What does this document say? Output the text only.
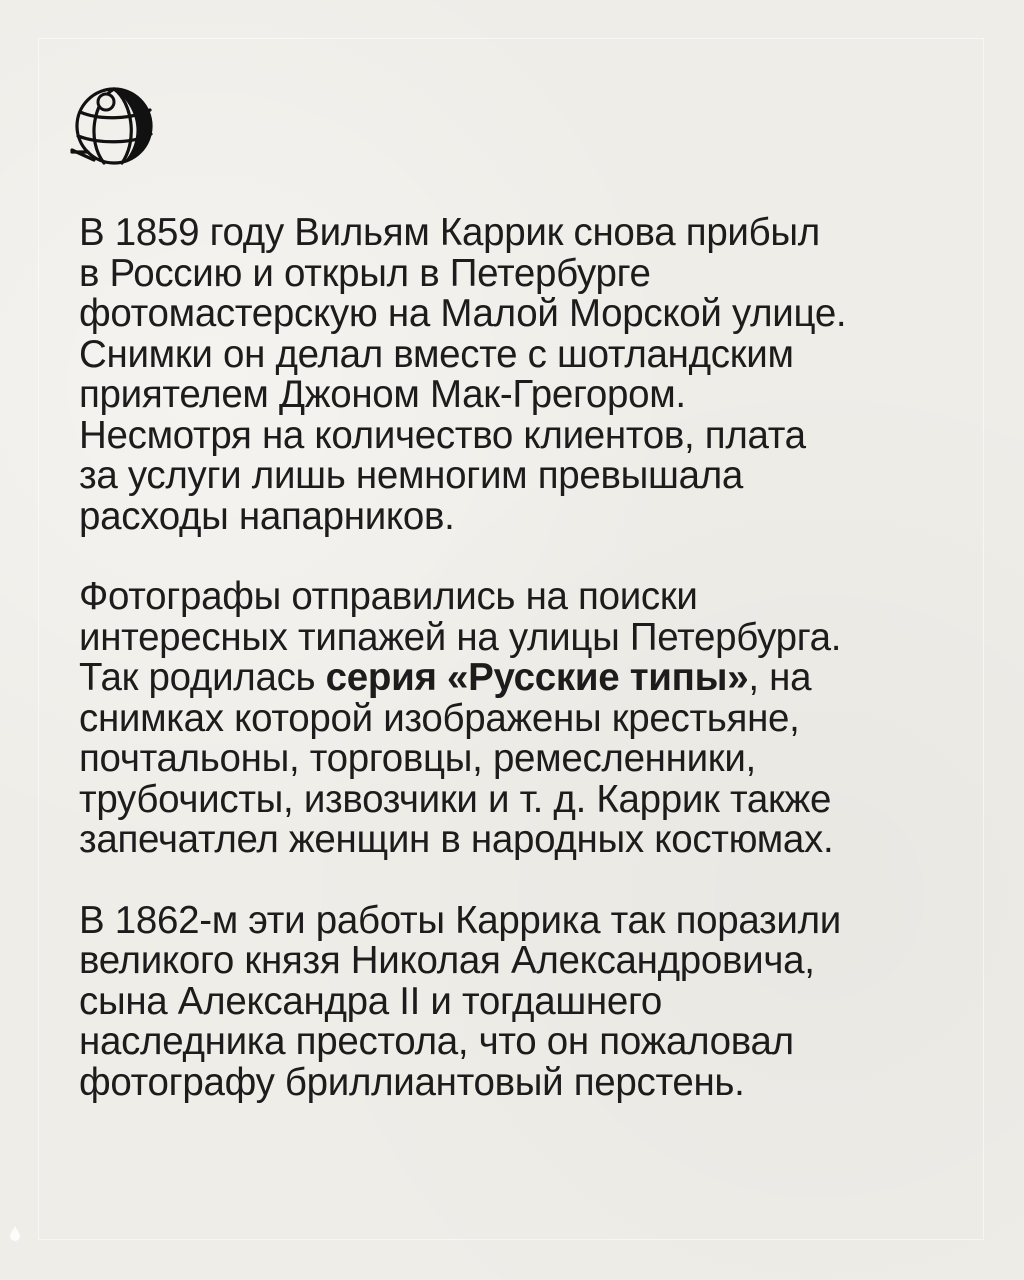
В 1859 году Вильям Каррик снова прибыл
в Россию и открыл в Петербурге
фотомастерскую на Малой Морской улице.
Снимки он делал вместе с шотландским
приятелем Джоном Мак-Грегором.
Несмотря на количество клиентов, плата
за услуги лишь немногим превышала
расходы напарников.
Фотографы отправились на поиски
интересных типажей на улицы Петербурга.
Так родилась серия «Русские типы», на
снимках которой изображены крестьяне,
почтальоны, торговцы, ремесленники,
трубочисты, извозчики и т. д. Каррик также
запечатлел женщин в народных костюмах.
В 1862-м эти работы Каррика так поразили
великого князя Николая Александровича,
сына Александра II и тогдашнего
наследника престола, что он пожаловал
фотографу бриллиантовый перстень.
